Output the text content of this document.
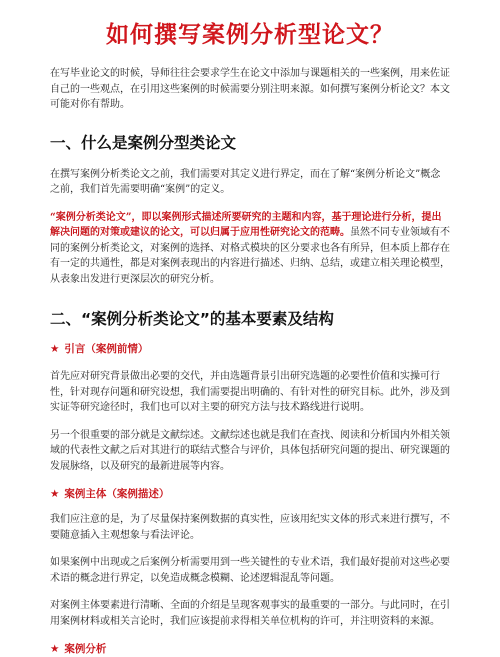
如何撰写案例分析型论文？

在写毕业论文的时候，导师往往会要求学生在论文中添加与课题相关的一些案例，用来佐证自己的一些观点，在引用这些案例的时候需要分别注明来源。如何撰写案例分析论文？本文可能对你有帮助。

一、什么是案例分型类论文

在撰写案例分析类论文之前，我们需要对其定义进行界定，而在了解“案例分析论文”概念之前，我们首先需要明确“案例”的定义。

“案例分析类论文”，即以案例形式描述所要研究的主题和内容，基于理论进行分析，提出解决问题的对策或建议的论文，可以归属于应用性研究论文的范畴。虽然不同专业领域有不同的案例分析类论文，对案例的选择、对格式模块的区分要求也各有所异，但本质上都存在有一定的共通性，都是对案例表现出的内容进行描述、归纳、总结，或建立相关理论模型，从表象出发进行更深层次的研究分析。

二、“案例分析类论文”的基本要素及结构
★ 引言（案例前情）

首先应对研究背景做出必要的交代，并由选题背景引出研究选题的必要性价值和实操可行性，针对现存问题和研究设想，我们需要提出明确的、有针对性的研究目标。此外，涉及到实证等研究途径时，我们也可以对主要的研究方法与技术路线进行说明。

另一个很重要的部分就是文献综述。文献综述也就是我们在查找、阅读和分析国内外相关领域的代表性文献之后对其进行的联结式整合与评价，具体包括研究问题的提出、研究课题的发展脉络，以及研究的最新进展等内容。

★ 案例主体（案例描述）

我们应注意的是，为了尽量保持案例数据的真实性，应该用纪实文体的形式来进行撰写，不要随意插入主观想象与看法评论。

如果案例中出现或之后案例分析需要用到一些关键性的专业术语，我们最好提前对这些必要术语的概念进行界定，以免造成概念模糊、论述逻辑混乱等问题。

对案例主体要素进行清晰、全面的介绍是呈现客观事实的最重要的一部分。与此同时，在引用案例材料或相关言论时，我们应该提前求得相关单位机构的许可，并注明资料的来源。

★ 案例分析
